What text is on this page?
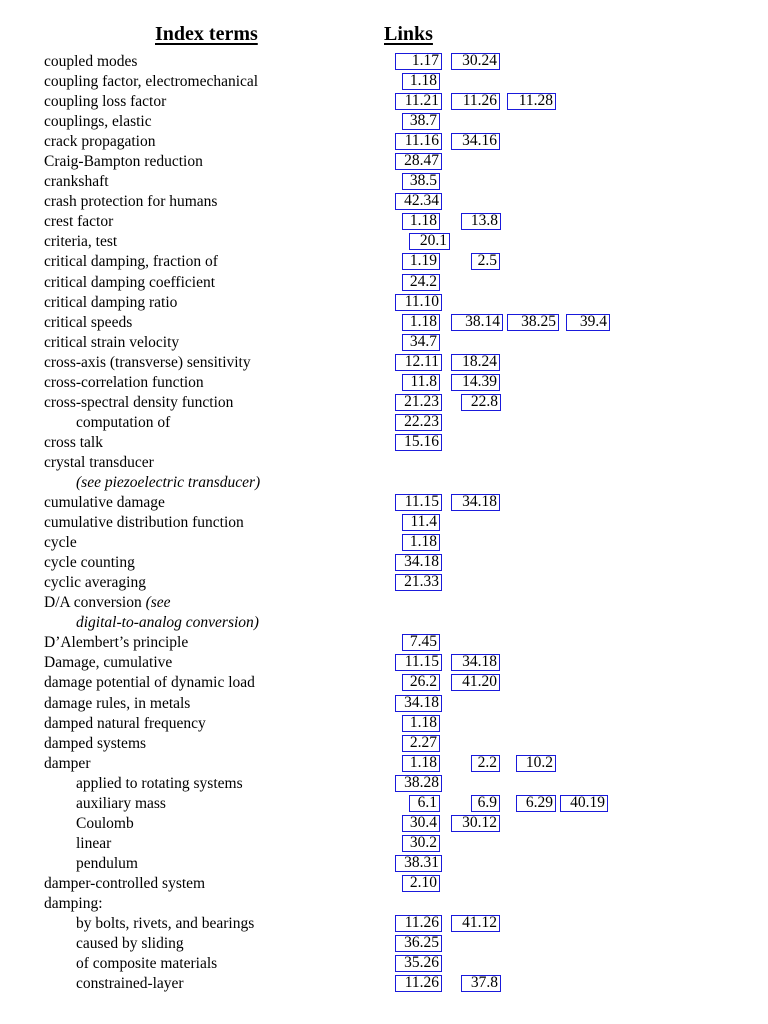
Index terms	Links
coupled modes	1.17	30.24
coupling factor, electromechanical	1.18
coupling loss factor	11.21	11.26	11.28
couplings, elastic	38.7
crack propagation	11.16	34.16
Craig-Bampton reduction	28.47
crankshaft	38.5
crash protection for humans	42.34
crest factor	1.18	13.8
criteria, test	20.1
critical damping, fraction of	1.19	2.5
critical damping coefficient	24.2
critical damping ratio	11.10
critical speeds	1.18	38.14	38.25	39.4
critical strain velocity	34.7
cross-axis (transverse) sensitivity	12.11	18.24
cross-correlation function	11.8	14.39
cross-spectral density function	21.23	22.8
computation of	22.23
cross talk	15.16
crystal transducer
(see piezoelectric transducer)
cumulative damage	11.15	34.18
cumulative distribution function	11.4
cycle	1.18
cycle counting	34.18
cyclic averaging	21.33
D/A conversion (see
digital-to-analog conversion)
D’Alembert’s principle	7.45
Damage, cumulative	11.15	34.18
damage potential of dynamic load	26.2	41.20
damage rules, in metals	34.18
damped natural frequency	1.18
damped systems	2.27
damper	1.18	2.2	10.2
applied to rotating systems	38.28
auxiliary mass	6.1	6.9	6.29	40.19
Coulomb	30.4	30.12
linear	30.2
pendulum	38.31
damper-controlled system	2.10
damping:
by bolts, rivets, and bearings	11.26	41.12
caused by sliding	36.25
of composite materials	35.26
constrained-layer	11.26	37.8
